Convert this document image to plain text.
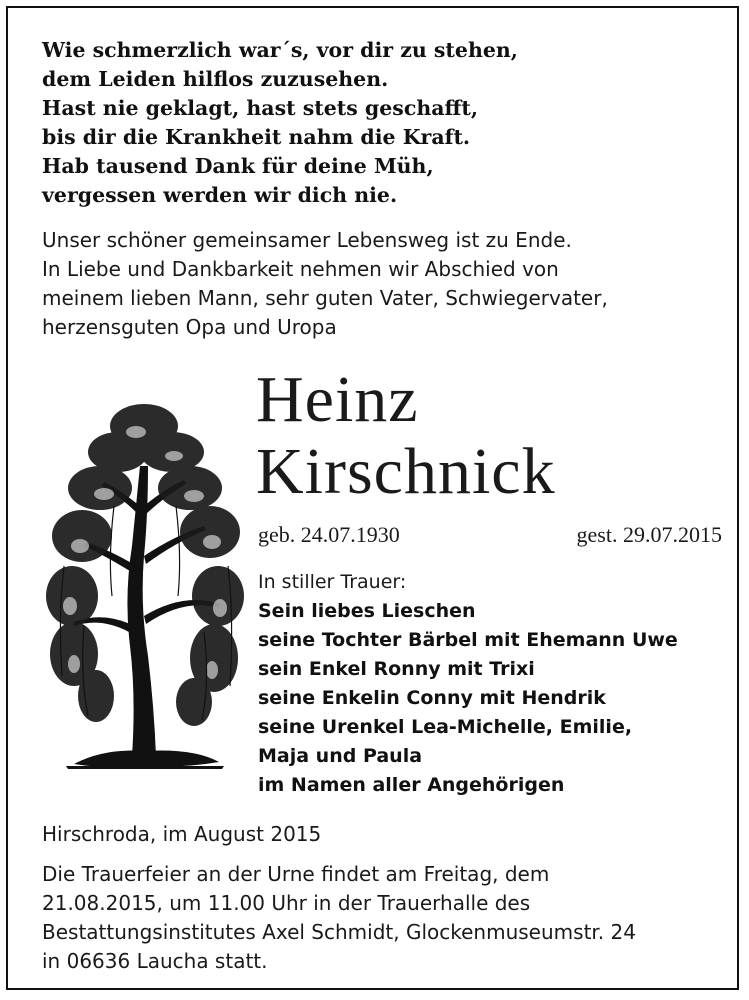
Wie schmerzlich war´s, vor dir zu stehen,
dem Leiden hilflos zuzusehen.
Hast nie geklagt, hast stets geschafft,
bis dir die Krankheit nahm die Kraft.
Hab tausend Dank für deine Müh,
vergessen werden wir dich nie.
Unser schöner gemeinsamer Lebensweg ist zu Ende.
In Liebe und Dankbarkeit nehmen wir Abschied von
meinem lieben Mann, sehr guten Vater, Schwiegervater,
herzensguten Opa und Uropa
Heinz
Kirschnick
geb. 24.07.1930	gest. 29.07.2015
In stiller Trauer:
Sein liebes Lieschen
seine Tochter Bärbel mit Ehemann Uwe
sein Enkel Ronny mit Trixi
seine Enkelin Conny mit Hendrik
seine Urenkel Lea-Michelle, Emilie,
Maja und Paula
im Namen aller Angehörigen
Hirschroda, im August 2015
Die Trauerfeier an der Urne findet am Freitag, dem
21.08.2015, um 11.00 Uhr in der Trauerhalle des
Bestattungsinstitutes Axel Schmidt, Glockenmuseumstr. 24
in 06636 Laucha statt.
